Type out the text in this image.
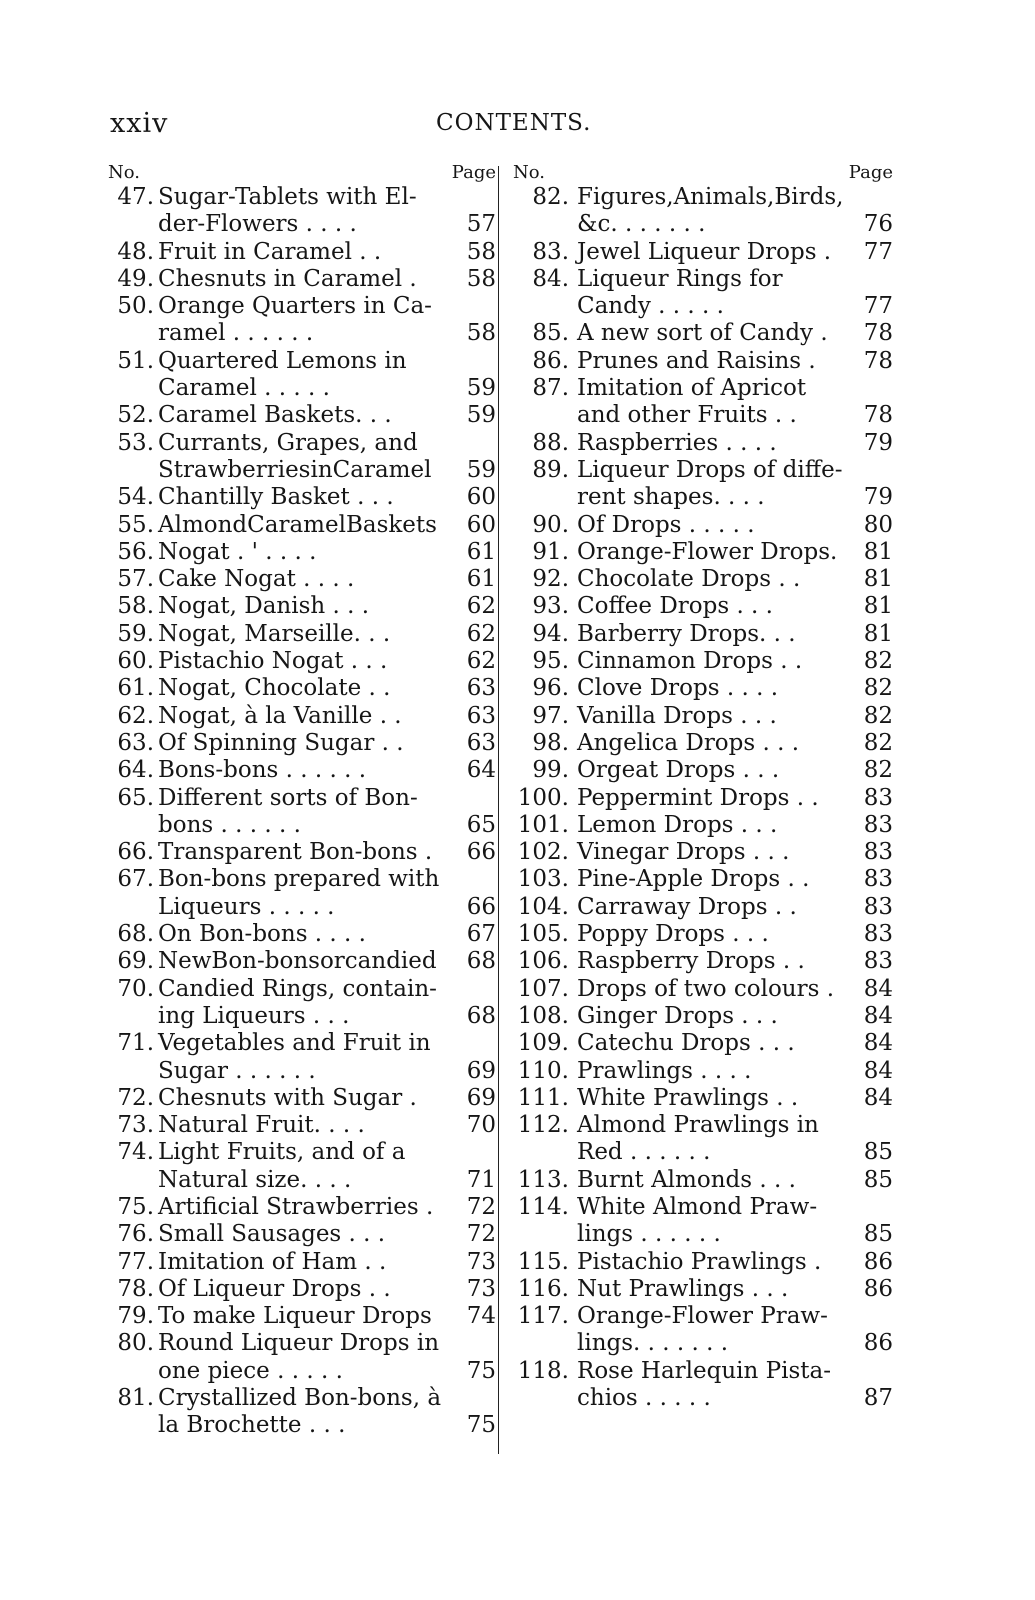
xxiv	CONTENTS.
No.	Page
47. Sugar-Tablets with El- der-Flowers . . . .	57
48. Fruit in Caramel . .	58
49. Chesnuts in Caramel .	58
50. Orange Quarters in Ca- ramel . . . . . .	58
51. Quartered Lemons in Caramel . . . . .	59
52. Caramel Baskets. . .	59
53. Currants, Grapes, and StrawberriesinCaramel	59
54. Chantilly Basket . . .	60
55. AlmondCaramelBaskets	60
56. Nogat . ' . . . .	61
57. Cake Nogat . . . .	61
58. Nogat, Danish . . .	62
59. Nogat, Marseille. . .	62
60. Pistachio Nogat . . .	62
61. Nogat, Chocolate . .	63
62. Nogat, à la Vanille . .	63
63. Of Spinning Sugar . .	63
64. Bons-bons . . . . . .	64
65. Different sorts of Bon- bons . . . . . .	65
66. Transparent Bon-bons .	66
67. Bon-bons prepared with Liqueurs . . . . .	66
68. On Bon-bons . . . .	67
69. NewBon-bonsorcandied	68
70. Candied Rings, contain- ing Liqueurs . . .	68
71. Vegetables and Fruit in Sugar . . . . . .	69
72. Chesnuts with Sugar .	69
73. Natural Fruit. . . .	70
74. Light Fruits, and of a Natural size. . . .	71
75. Artificial Strawberries .	72
76. Small Sausages . . .	72
77. Imitation of Ham . .	73
78. Of Liqueur Drops . .	73
79. To make Liqueur Drops	74
80. Round Liqueur Drops in one piece . . . . .	75
81. Crystallized Bon-bons, à la Brochette . . .	75
No.	Page
82. Figures,Animals,Birds, &c. . . . . . .	76
83. Jewel Liqueur Drops .	77
84. Liqueur Rings for Candy . . . . .	77
85. A new sort of Candy .	78
86. Prunes and Raisins .	78
87. Imitation of Apricot and other Fruits . .	78
88. Raspberries . . . .	79
89. Liqueur Drops of diffe- rent shapes. . . .	79
90. Of Drops . . . . .	80
91. Orange-Flower Drops.	81
92. Chocolate Drops . .	81
93. Coffee Drops . . .	81
94. Barberry Drops. . .	81
95. Cinnamon Drops . .	82
96. Clove Drops . . . .	82
97. Vanilla Drops . . .	82
98. Angelica Drops . . .	82
99. Orgeat Drops . . .	82
100. Peppermint Drops . .	83
101. Lemon Drops . . .	83
102. Vinegar Drops . . .	83
103. Pine-Apple Drops . .	83
104. Carraway Drops . .	83
105. Poppy Drops . . .	83
106. Raspberry Drops . .	83
107. Drops of two colours .	84
108. Ginger Drops . . .	84
109. Catechu Drops . . .	84
110. Prawlings . . . .	84
111. White Prawlings . .	84
112. Almond Prawlings in Red . . . . . .	85
113. Burnt Almonds . . .	85
114. White Almond Praw- lings . . . . . .	85
115. Pistachio Prawlings .	86
116. Nut Prawlings . . .	86
117. Orange-Flower Praw- lings. . . . . . .	86
118. Rose Harlequin Pista- chios . . . . .	87
